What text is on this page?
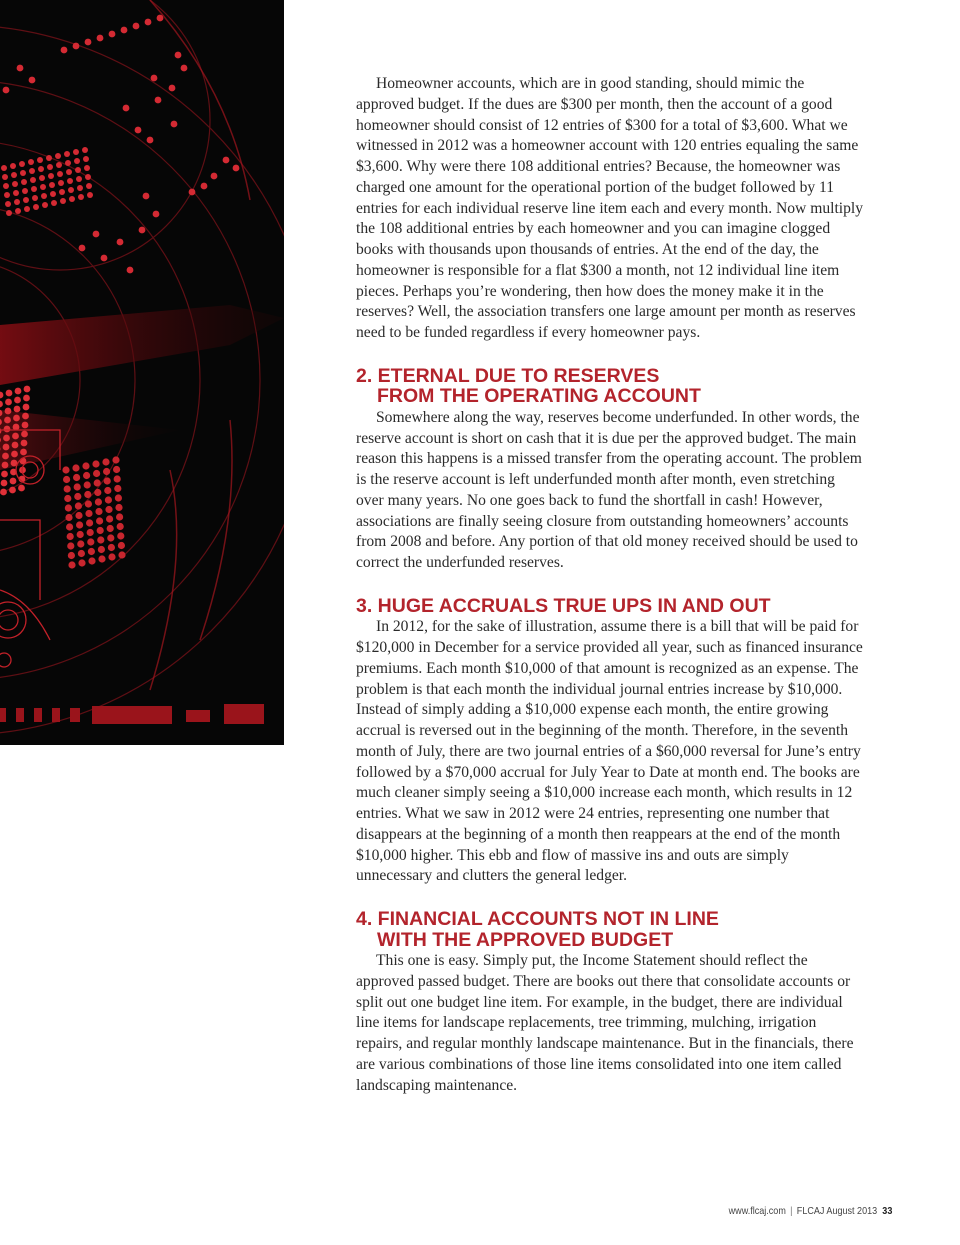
Homeowner accounts, which are in good standing, should mimic the approved budget. If the dues are $300 per month, then the account of a good homeowner should consist of 12 entries of $300 for a total of $3,600. What we witnessed in 2012 was a homeowner account with 120 entries equaling the same $3,600. Why were there 108 additional entries? Because, the homeowner was charged one amount for the operational portion of the budget followed by 11 entries for each individual reserve line item each and every month. Now multiply the 108 additional entries by each homeowner and you can imagine clogged books with thousands upon thousands of entries. At the end of the day, the homeowner is responsible for a flat $300 a month, not 12 individual line item pieces. Perhaps you’re wondering, then how does the money make it in the reserves? Well, the association transfers one large amount per month as reserves need to be funded regardless if every homeowner pays.

2. ETERNAL DUE TO RESERVES
FROM THE OPERATING ACCOUNT

Somewhere along the way, reserves become underfunded. In other words, the reserve account is short on cash that it is due per the approved budget. The main reason this happens is a missed transfer from the operating account. The problem is the reserve account is left underfunded month after month, even stretching over many years. No one goes back to fund the shortfall in cash! However, associations are finally seeing closure from outstanding homeowners’ accounts from 2008 and before. Any portion of that old money received should be used to correct the underfunded reserves.

3. HUGE ACCRUALS TRUE UPS IN AND OUT

In 2012, for the sake of illustration, assume there is a bill that will be paid for $120,000 in December for a service provided all year, such as financed insurance premiums. Each month $10,000 of that amount is recognized as an expense. The problem is that each month the individual journal entries increase by $10,000. Instead of simply adding a $10,000 expense each month, the entire growing accrual is reversed out in the beginning of the month. Therefore, in the seventh month of July, there are two journal entries of a $60,000 reversal for June’s entry followed by a $70,000 accrual for July Year to Date at month end. The books are much cleaner simply seeing a $10,000 increase each month, which results in 12 entries. What we saw in 2012 were 24 entries, representing one number that disappears at the beginning of a month then reappears at the end of the month $10,000 higher. This ebb and flow of massive ins and outs are simply unnecessary and clutters the general ledger.

4. FINANCIAL ACCOUNTS NOT IN LINE
WITH THE APPROVED BUDGET

This one is easy. Simply put, the Income Statement should reflect the approved passed budget. There are books out there that consolidate accounts or split out one budget line item. For example, in the budget, there are individual line items for landscape replacements, tree trimming, mulching, irrigation repairs, and regular monthly landscape maintenance. But in the financials, there are various combinations of those line items consolidated into one item called landscaping maintenance.

www.flcaj.com | FLCAJ August 2013 33
